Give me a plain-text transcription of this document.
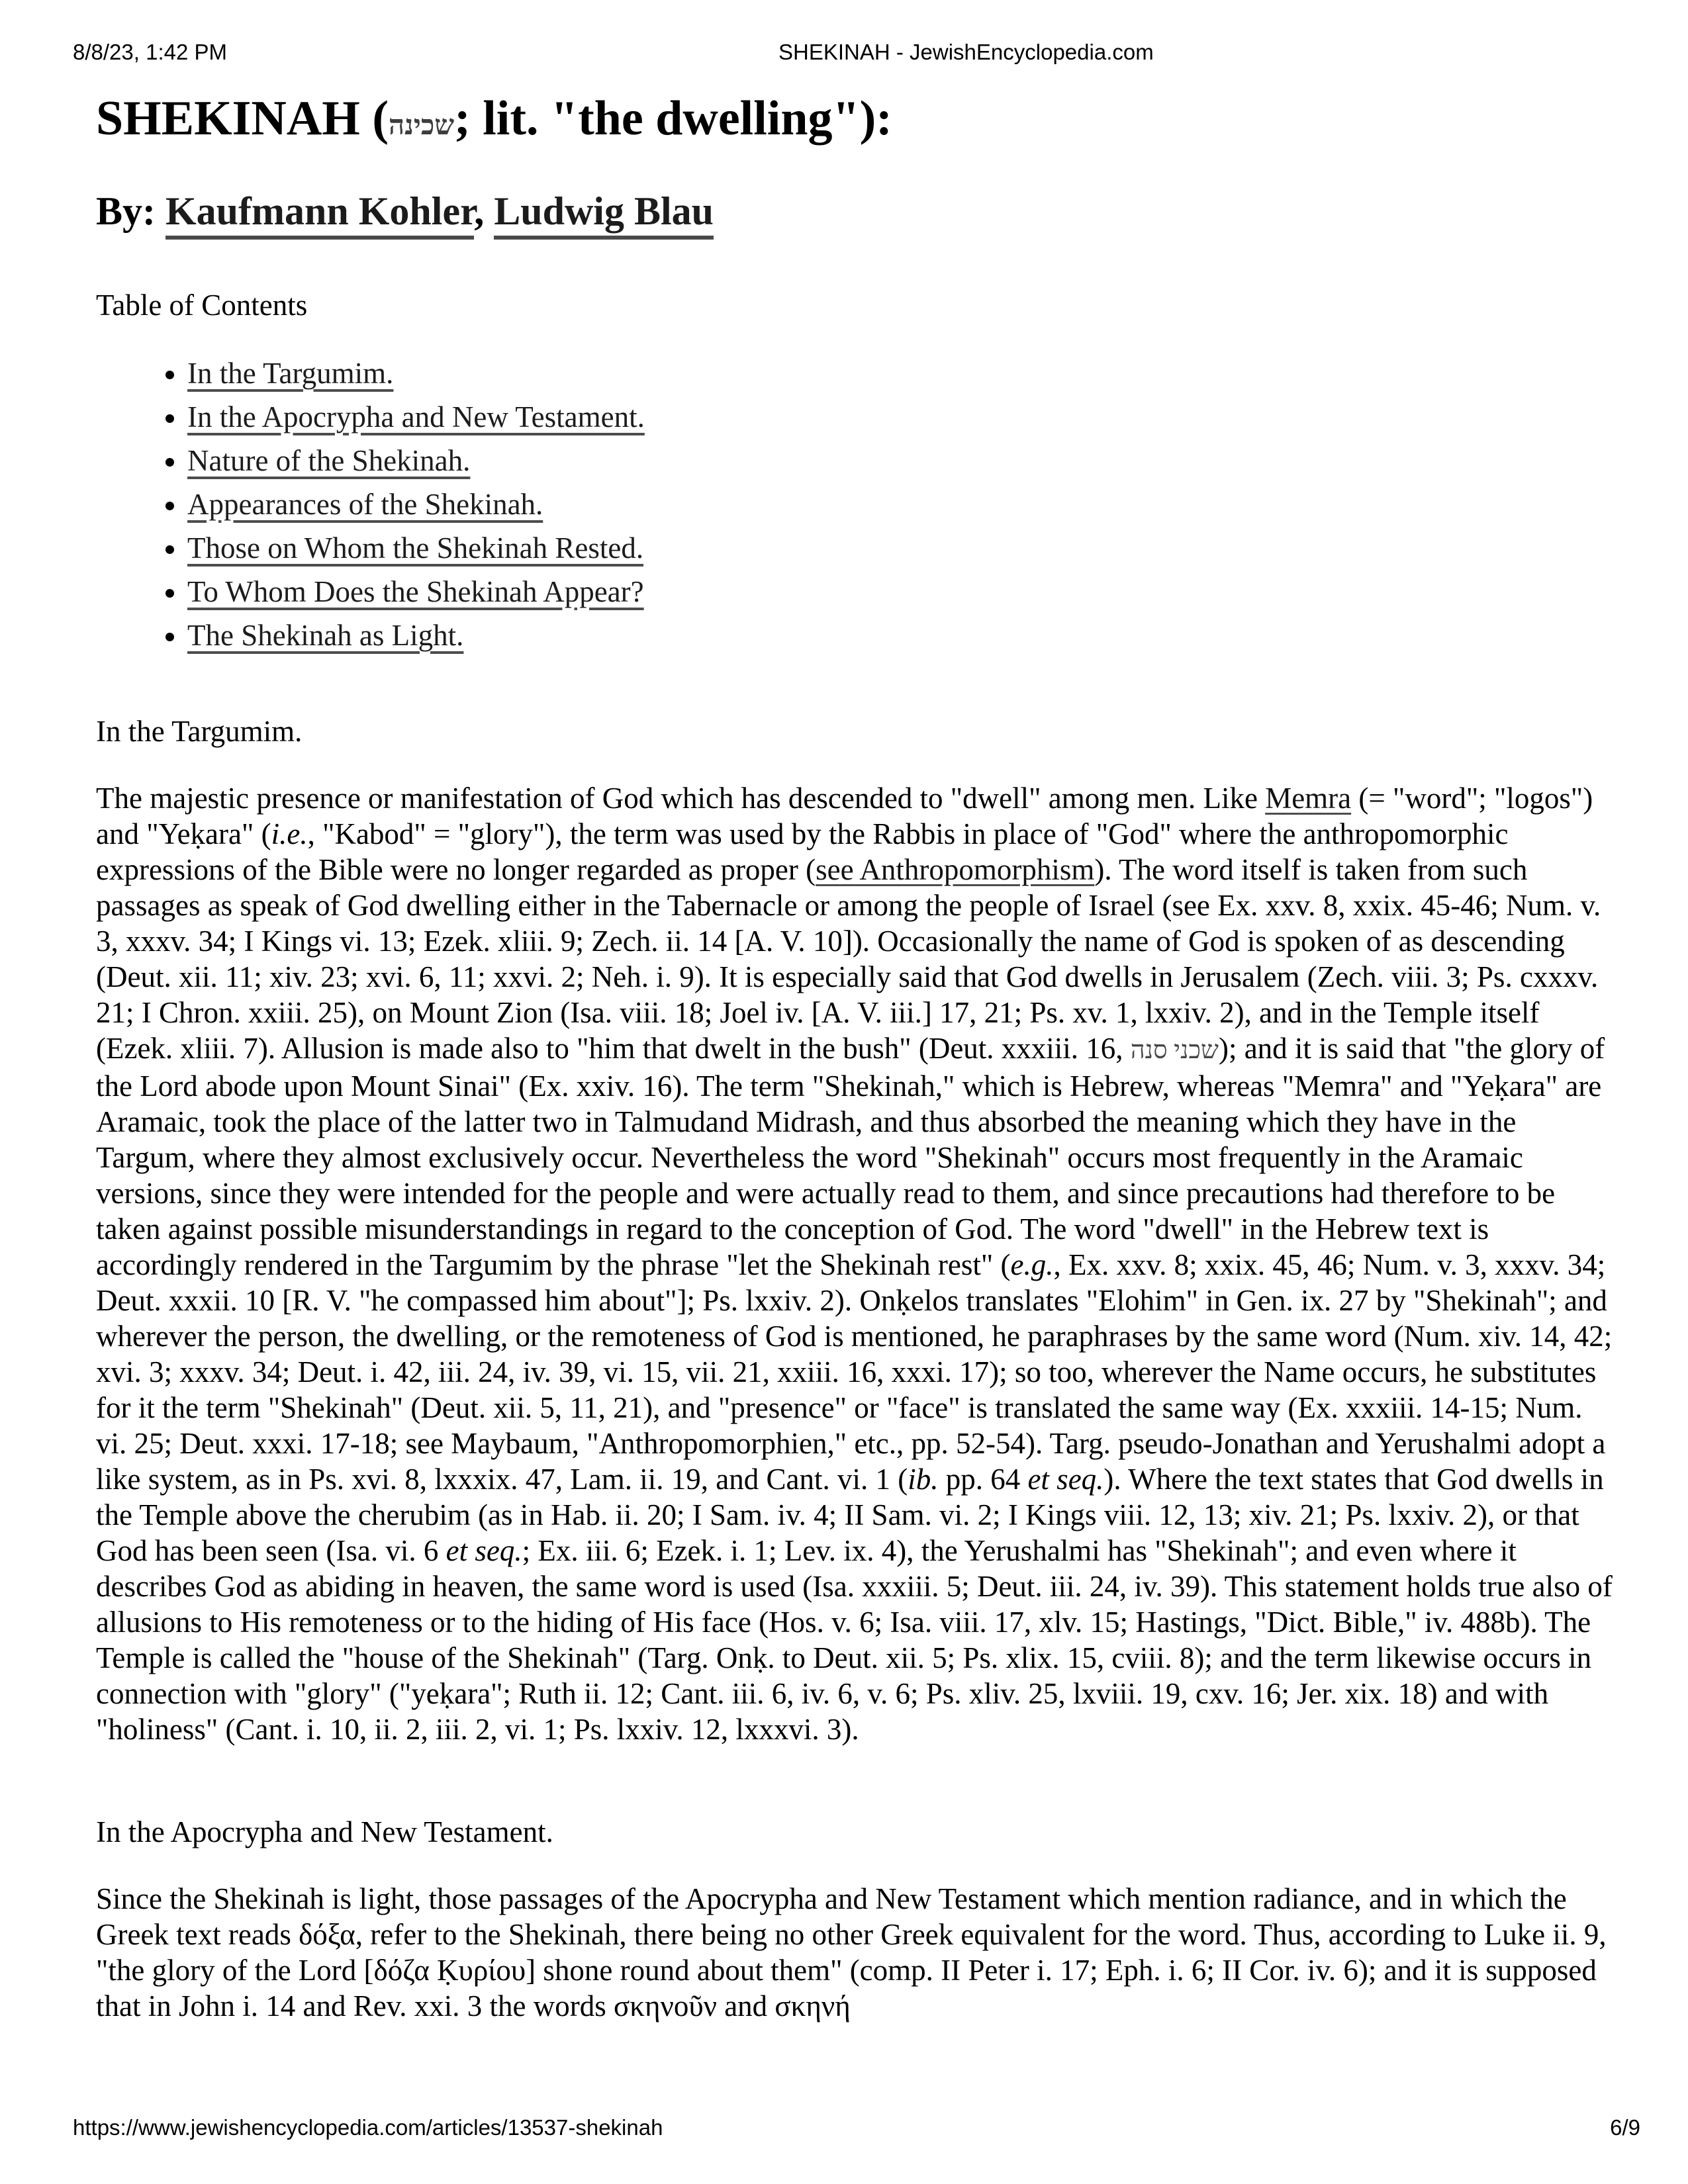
8/8/23, 1:42 PM	SHEKINAH - JewishEncyclopedia.com
SHEKINAH (שכינה; lit. "the dwelling"):
By: Kaufmann Kohler, Ludwig Blau
Table of Contents
• In the Targumim.
• In the Apocrypha and New Testament.
• Nature of the Shekinah.
• Appearances of the Shekinah.
• Those on Whom the Shekinah Rested.
• To Whom Does the Shekinah Appear?
• The Shekinah as Light.
In the Targumim.

The majestic presence or manifestation of God which has descended to "dwell" among men. Like Memra (= "word"; "logos") and "Yeḳara" (i.e., "Kabod" = "glory"), the term was used by the Rabbis in place of "God" where the anthropomorphic expressions of the Bible were no longer regarded as proper (see Anthropomorphism). The word itself is taken from such passages as speak of God dwelling either in the Tabernacle or among the people of Israel (see Ex. xxv. 8, xxix. 45-46; Num. v. 3, xxxv. 34; I Kings vi. 13; Ezek. xliii. 9; Zech. ii. 14 [A. V. 10]). Occasionally the name of God is spoken of as descending (Deut. xii. 11; xiv. 23; xvi. 6, 11; xxvi. 2; Neh. i. 9). It is especially said that God dwells in Jerusalem (Zech. viii. 3; Ps. cxxxv. 21; I Chron. xxiii. 25), on Mount Zion (Isa. viii. 18; Joel iv. [A. V. iii.] 17, 21; Ps. xv. 1, lxxiv. 2), and in the Temple itself (Ezek. xliii. 7). Allusion is made also to "him that dwelt in the bush" (Deut. xxxiii. 16, שכני סנה); and it is said that "the glory of the Lord abode upon Mount Sinai" (Ex. xxiv. 16). The term "Shekinah," which is Hebrew, whereas "Memra" and "Yeḳara" are Aramaic, took the place of the latter two in Talmudand Midrash, and thus absorbed the meaning which they have in the Targum, where they almost exclusively occur. Nevertheless the word "Shekinah" occurs most frequently in the Aramaic versions, since they were intended for the people and were actually read to them, and since precautions had therefore to be taken against possible misunderstandings in regard to the conception of God. The word "dwell" in the Hebrew text is accordingly rendered in the Targumim by the phrase "let the Shekinah rest" (e.g., Ex. xxv. 8; xxix. 45, 46; Num. v. 3, xxxv. 34; Deut. xxxii. 10 [R. V. "he compassed him about"]; Ps. lxxiv. 2). Onḳelos translates "Elohim" in Gen. ix. 27 by "Shekinah"; and wherever the person, the dwelling, or the remoteness of God is mentioned, he paraphrases by the same word (Num. xiv. 14, 42; xvi. 3; xxxv. 34; Deut. i. 42, iii. 24, iv. 39, vi. 15, vii. 21, xxiii. 16, xxxi. 17); so too, wherever the Name occurs, he substitutes for it the term "Shekinah" (Deut. xii. 5, 11, 21), and "presence" or "face" is translated the same way (Ex. xxxiii. 14-15; Num. vi. 25; Deut. xxxi. 17-18; see Maybaum, "Anthropomorphien," etc., pp. 52-54). Targ. pseudo-Jonathan and Yerushalmi adopt a like system, as in Ps. xvi. 8, lxxxix. 47, Lam. ii. 19, and Cant. vi. 1 (ib. pp. 64 et seq.). Where the text states that God dwells in the Temple above the cherubim (as in Hab. ii. 20; I Sam. iv. 4; II Sam. vi. 2; I Kings viii. 12, 13; xiv. 21; Ps. lxxiv. 2), or that God has been seen (Isa. vi. 6 et seq.; Ex. iii. 6; Ezek. i. 1; Lev. ix. 4), the Yerushalmi has "Shekinah"; and even where it describes God as abiding in heaven, the same word is used (Isa. xxxiii. 5; Deut. iii. 24, iv. 39). This statement holds true also of allusions to His remoteness or to the hiding of His face (Hos. v. 6; Isa. viii. 17, xlv. 15; Hastings, "Dict. Bible," iv. 488b). The Temple is called the "house of the Shekinah" (Targ. Onḳ. to Deut. xii. 5; Ps. xlix. 15, cviii. 8); and the term likewise occurs in connection with "glory" ("yeḳara"; Ruth ii. 12; Cant. iii. 6, iv. 6, v. 6; Ps. xliv. 25, lxviii. 19, cxv. 16; Jer. xix. 18) and with "holiness" (Cant. i. 10, ii. 2, iii. 2, vi. 1; Ps. lxxiv. 12, lxxxvi. 3).

In the Apocrypha and New Testament.

Since the Shekinah is light, those passages of the Apocrypha and New Testament which mention radiance, and in which the Greek text reads δόξα, refer to the Shekinah, there being no other Greek equivalent for the word. Thus, according to Luke ii. 9, "the glory of the Lord [δόζα Ḳυρίου] shone round about them" (comp. II Peter i. 17; Eph. i. 6; II Cor. iv. 6); and it is supposed that in John i. 14 and Rev. xxi. 3 the words σκηνοῦν and σκηνή

https://www.jewishencyclopedia.com/articles/13537-shekinah	6/9
